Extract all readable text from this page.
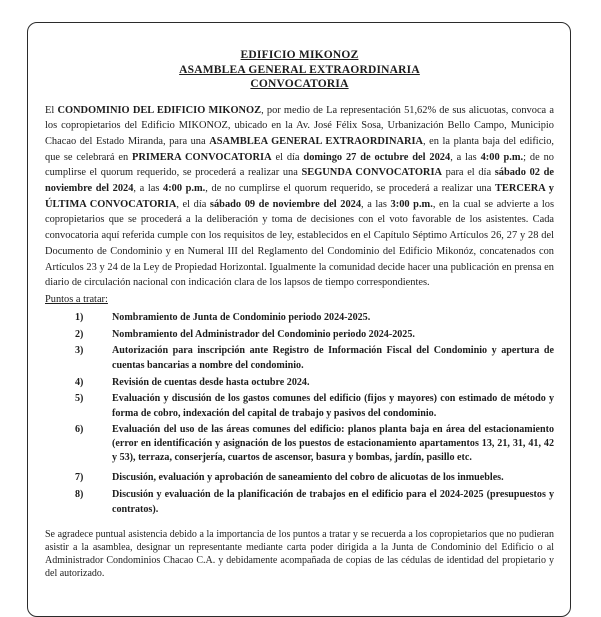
EDIFICIO MIKONOZ
ASAMBLEA GENERAL EXTRAORDINARIA
CONVOCATORIA

El CONDOMINIO DEL EDIFICIO MIKONOZ, por medio de La representación 51,62% de sus alicuotas, convoca a los copropietarios del Edificio MIKONOZ, ubicado en la Av. José Félix Sosa, Urbanización Bello Campo, Municipio Chacao del Estado Miranda, para una ASAMBLEA GENERAL EXTRAORDINARIA, en la planta baja del edificio, que se celebrará en PRIMERA CONVOCATORIA el día domingo 27 de octubre del 2024, a las 4:00 p.m.; de no cumplirse el quorum requerido, se procederá a realizar una SEGUNDA CONVOCATORIA para el día sábado 02 de noviembre del 2024, a las 4:00 p.m., de no cumplirse el quorum requerido, se procederá a realizar una TERCERA y ÚLTIMA CONVOCATORIA, el día sábado 09 de noviembre del 2024, a las 3:00 p.m., en la cual se advierte a los copropietarios que se procederá a la deliberación y toma de decisiones con el voto favorable de los asistentes. Cada convocatoria aquí referida cumple con los requisitos de ley, establecidos en el Capítulo Séptimo Artículos 26, 27 y 28 del Documento de Condominio y en Numeral III del Reglamento del Condominio del Edificio Mikonóz, concatenados con Artículos 23 y 24 de la Ley de Propiedad Horizontal. Igualmente la comunidad decide hacer una publicación en prensa en diario de circulación nacional con indicación clara de los lapsos de tiempo correspondientes.

Puntos a tratar:
1)	Nombramiento de Junta de Condominio periodo 2024-2025.
2)	Nombramiento del Administrador del Condominio periodo 2024-2025.
3)	Autorización para inscripción ante Registro de Información Fiscal del Condominio y apertura de cuentas bancarias a nombre del condominio.
4)	Revisión de cuentas desde hasta octubre 2024.
5)	Evaluación y discusión de los gastos comunes del edificio (fijos y mayores) con estimado de método y forma de cobro, indexación del capital de trabajo y pasivos del condominio.
6)	Evaluación del uso de las áreas comunes del edificio: planos planta baja en área del estacionamiento (error en identificación y asignación de los puestos de estacionamiento apartamentos 13, 21, 31, 41, 42 y 53), terraza, conserjería, cuartos de ascensor, basura y bombas, jardín, pasillo etc.
7)	Discusión, evaluación y aprobación de saneamiento del cobro de alicuotas de los inmuebles.
8)	Discusión y evaluación de la planificación de trabajos en el edificio para el 2024-2025 (presupuestos y contratos).

Se agradece puntual asistencia debido a la importancia de los puntos a tratar y se recuerda a los copropietarios que no pudieran asistir a la asamblea, designar un representante mediante carta poder dirigida a la Junta de Condominio del Edificio o al Administrador Condominios Chacao C.A. y debidamente acompañada de copias de las cédulas de identidad del propietario y del autorizado.
